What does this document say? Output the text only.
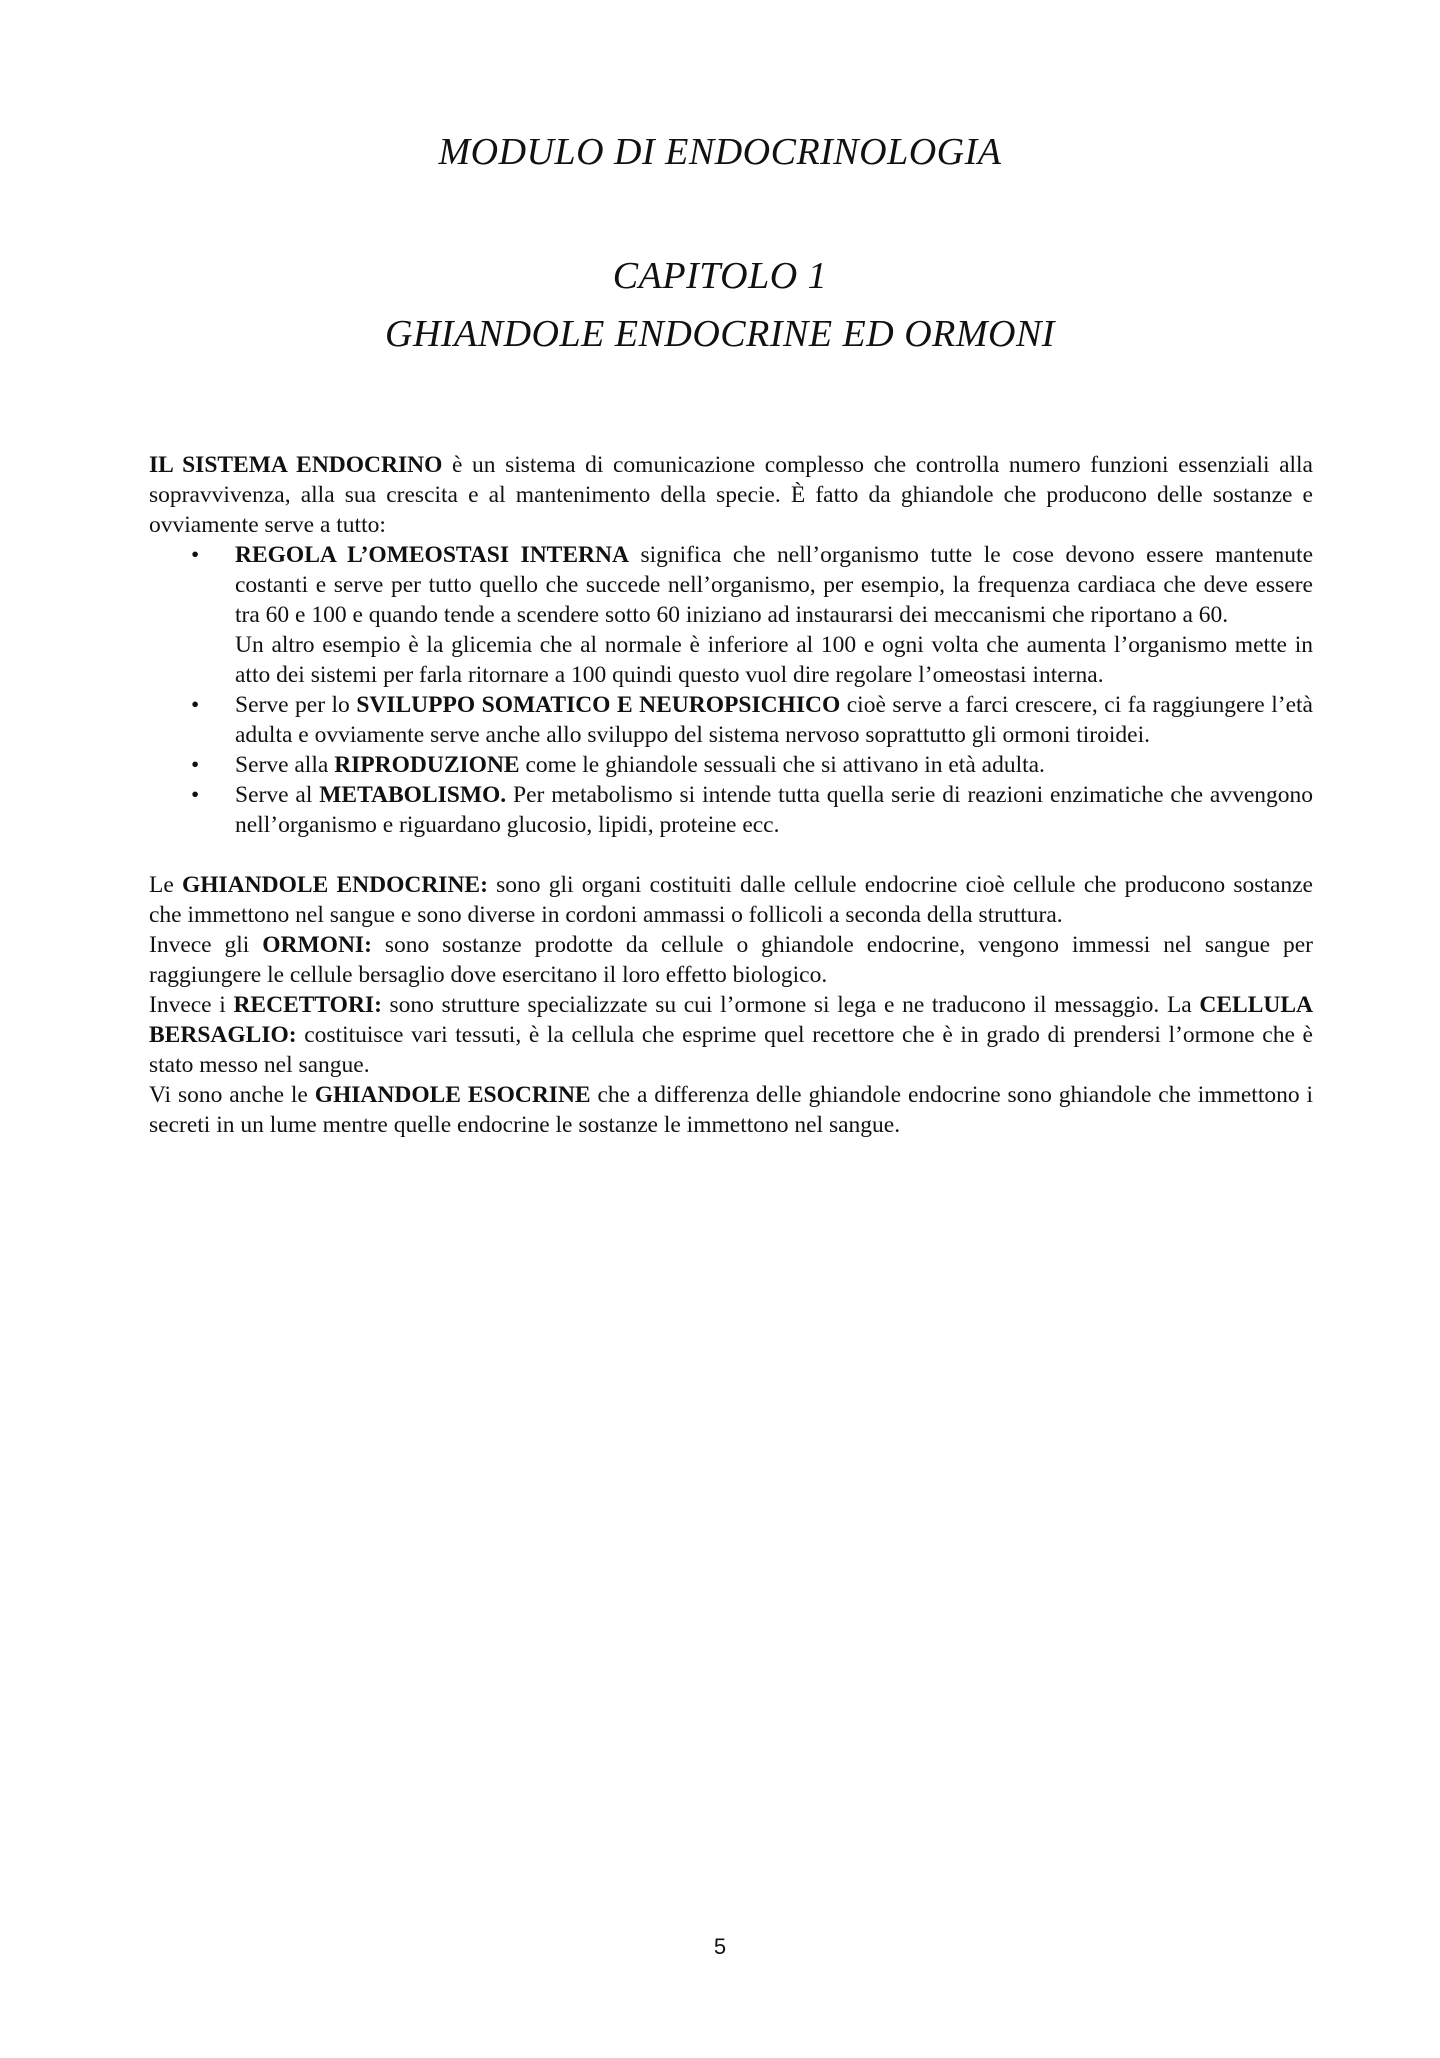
MODULO DI ENDOCRINOLOGIA
CAPITOLO 1
GHIANDOLE ENDOCRINE ED ORMONI

IL SISTEMA ENDOCRINO è un sistema di comunicazione complesso che controlla numero funzioni essenziali alla sopravvivenza, alla sua crescita e al mantenimento della specie. È fatto da ghiandole che producono delle sostanze e ovviamente serve a tutto:

• REGOLA L’OMEOSTASI INTERNA significa che nell’organismo tutte le cose devono essere mantenute costanti e serve per tutto quello che succede nell’organismo, per esempio, la frequenza cardiaca che deve essere tra 60 e 100 e quando tende a scendere sotto 60 iniziano ad instaurarsi dei meccanismi che riportano a 60.
Un altro esempio è la glicemia che al normale è inferiore al 100 e ogni volta che aumenta l’organismo mette in atto dei sistemi per farla ritornare a 100 quindi questo vuol dire regolare l’omeostasi interna.
• Serve per lo SVILUPPO SOMATICO E NEUROPSICHICO cioè serve a farci crescere, ci fa raggiungere l’età adulta e ovviamente serve anche allo sviluppo del sistema nervoso soprattutto gli ormoni tiroidei.
• Serve alla RIPRODUZIONE come le ghiandole sessuali che si attivano in età adulta.
• Serve al METABOLISMO. Per metabolismo si intende tutta quella serie di reazioni enzimatiche che avvengono nell’organismo e riguardano glucosio, lipidi, proteine ecc.

Le GHIANDOLE ENDOCRINE: sono gli organi costituiti dalle cellule endocrine cioè cellule che producono sostanze che immettono nel sangue e sono diverse in cordoni ammassi o follicoli a seconda della struttura.

Invece gli ORMONI: sono sostanze prodotte da cellule o ghiandole endocrine, vengono immessi nel sangue per raggiungere le cellule bersaglio dove esercitano il loro effetto biologico.

Invece i RECETTORI: sono strutture specializzate su cui l’ormone si lega e ne traducono il messaggio. La CELLULA BERSAGLIO: costituisce vari tessuti, è la cellula che esprime quel recettore che è in grado di prendersi l’ormone che è stato messo nel sangue.

Vi sono anche le GHIANDOLE ESOCRINE che a differenza delle ghiandole endocrine sono ghiandole che immettono i secreti in un lume mentre quelle endocrine le sostanze le immettono nel sangue.

5
